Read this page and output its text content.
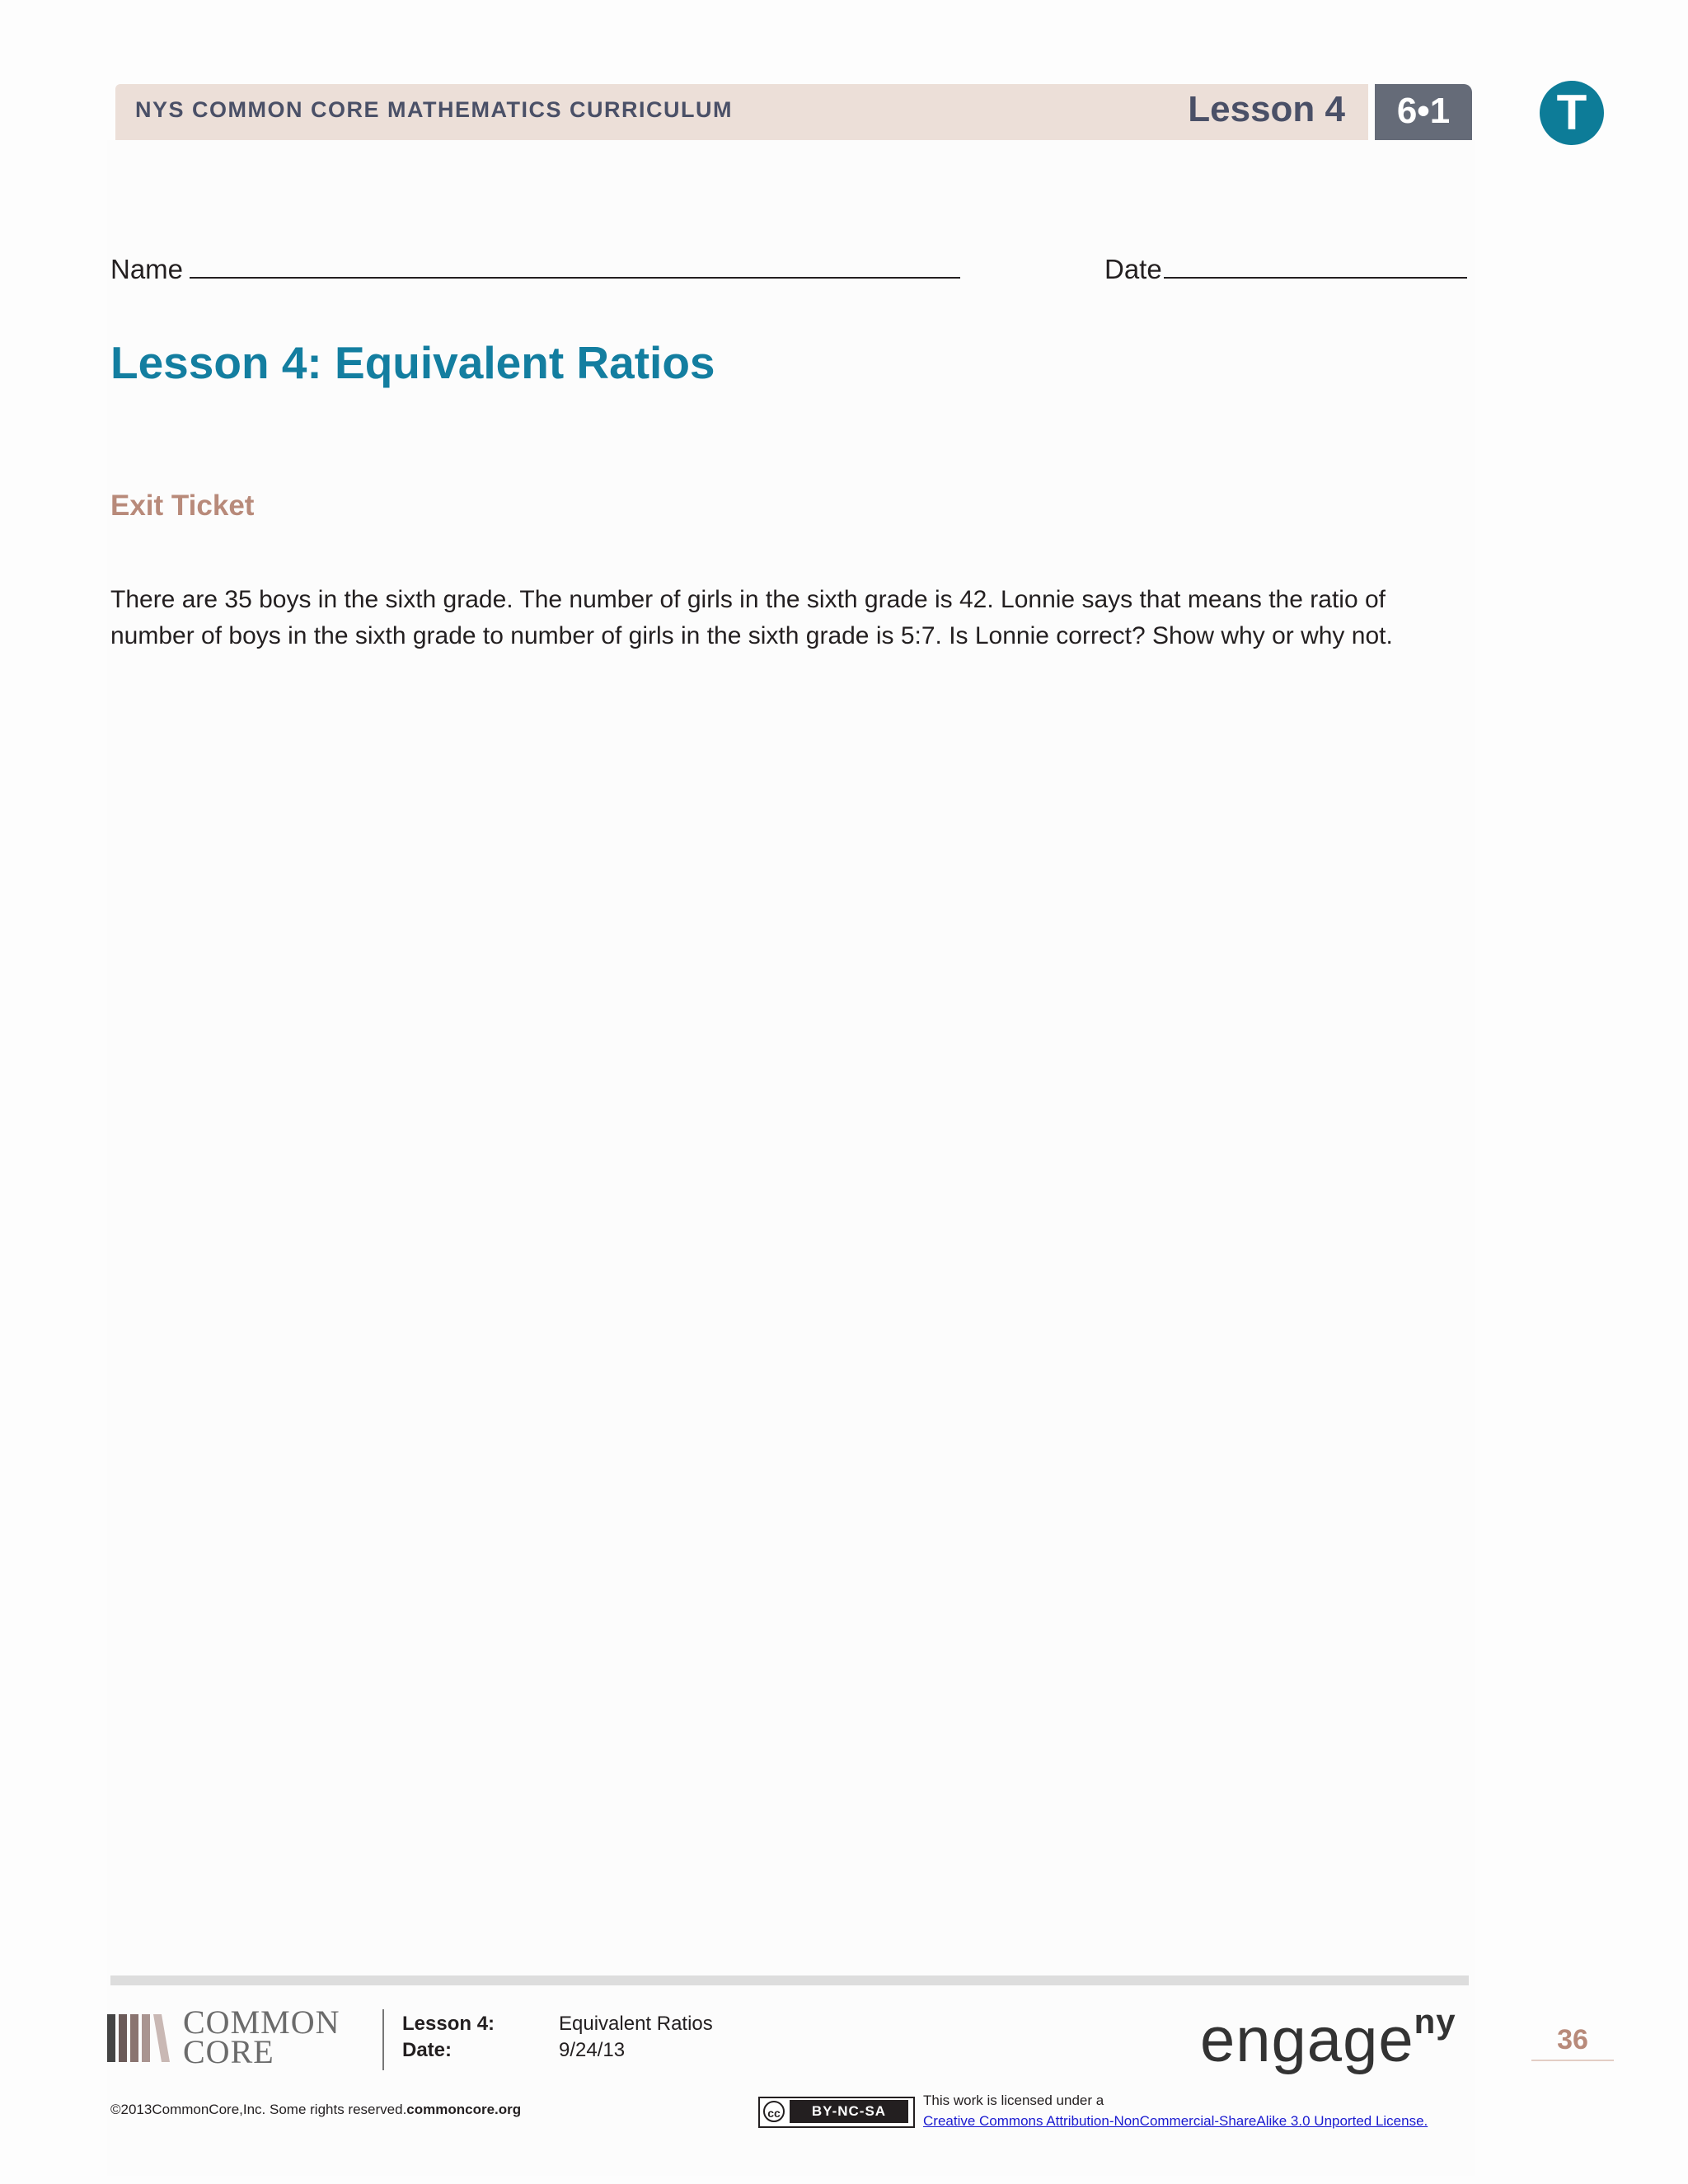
NYS COMMON CORE MATHEMATICS CURRICULUM	Lesson 4	6•1	T
Name	Date
Lesson 4: Equivalent Ratios
Exit Ticket
There are 35 boys in the sixth grade. The number of girls in the sixth grade is 42. Lonnie says that means the ratio of
number of boys in the sixth grade to number of girls in the sixth grade is 5:7. Is Lonnie correct? Show why or why not.
COMMON
CORE
Lesson 4:	Equivalent Ratios
Date:	9/24/13	engage$^{ny}$	36
©2013CommonCore,Inc. Some rights reserved.commoncore.org	cc	BY-NC-SA
This work is licensed under a
Creative Commons Attribution-NonCommercial-ShareAlike 3.0 Unported License.
